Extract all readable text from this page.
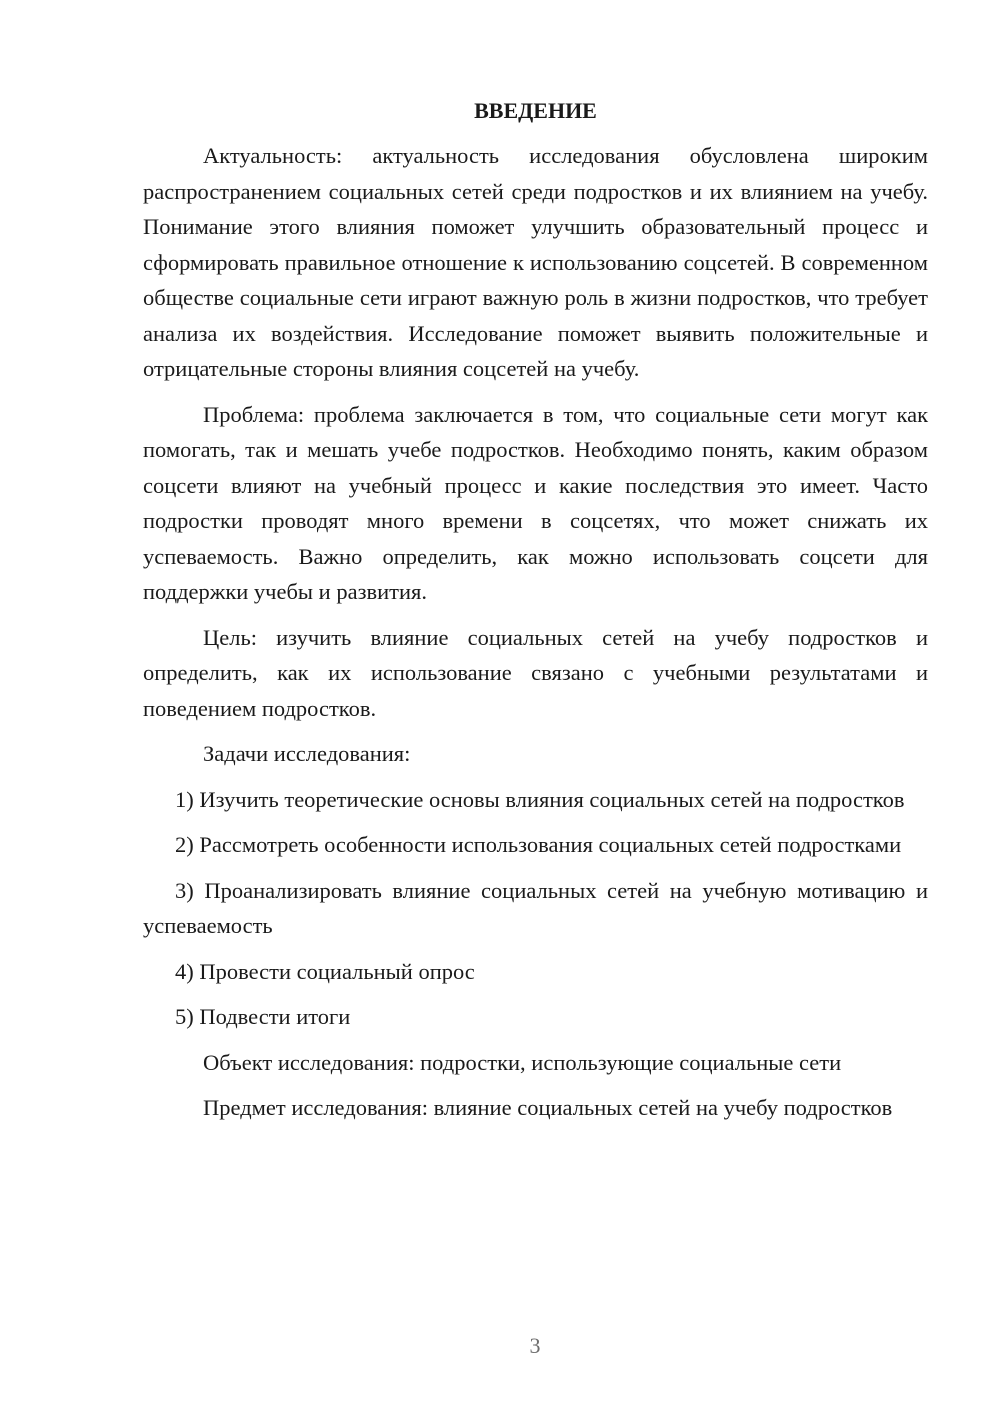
ВВЕДЕНИЕ

Актуальность: актуальность исследования обусловлена широким распространением социальных сетей среди подростков и их влиянием на учебу. Понимание этого влияния поможет улучшить образовательный процесс и сформировать правильное отношение к использованию соцсетей. В современном обществе социальные сети играют важную роль в жизни подростков, что требует анализа их воздействия. Исследование поможет выявить положительные и отрицательные стороны влияния соцсетей на учебу.

Проблема: проблема заключается в том, что социальные сети могут как помогать, так и мешать учебе подростков. Необходимо понять, каким образом соцсети влияют на учебный процесс и какие последствия это имеет. Часто подростки проводят много времени в соцсетях, что может снижать их успеваемость. Важно определить, как можно использовать соцсети для поддержки учебы и развития.

Цель: изучить влияние социальных сетей на учебу подростков и определить, как их использование связано с учебными результатами и поведением подростков.

Задачи исследования:

1) Изучить теоретические основы влияния социальных сетей на подростков

2) Рассмотреть особенности использования социальных сетей подростками

3) Проанализировать влияние социальных сетей на учебную мотивацию и успеваемость

4) Провести социальный опрос

5) Подвести итоги

Объект исследования: подростки, использующие социальные сети

Предмет исследования: влияние социальных сетей на учебу подростков

3
